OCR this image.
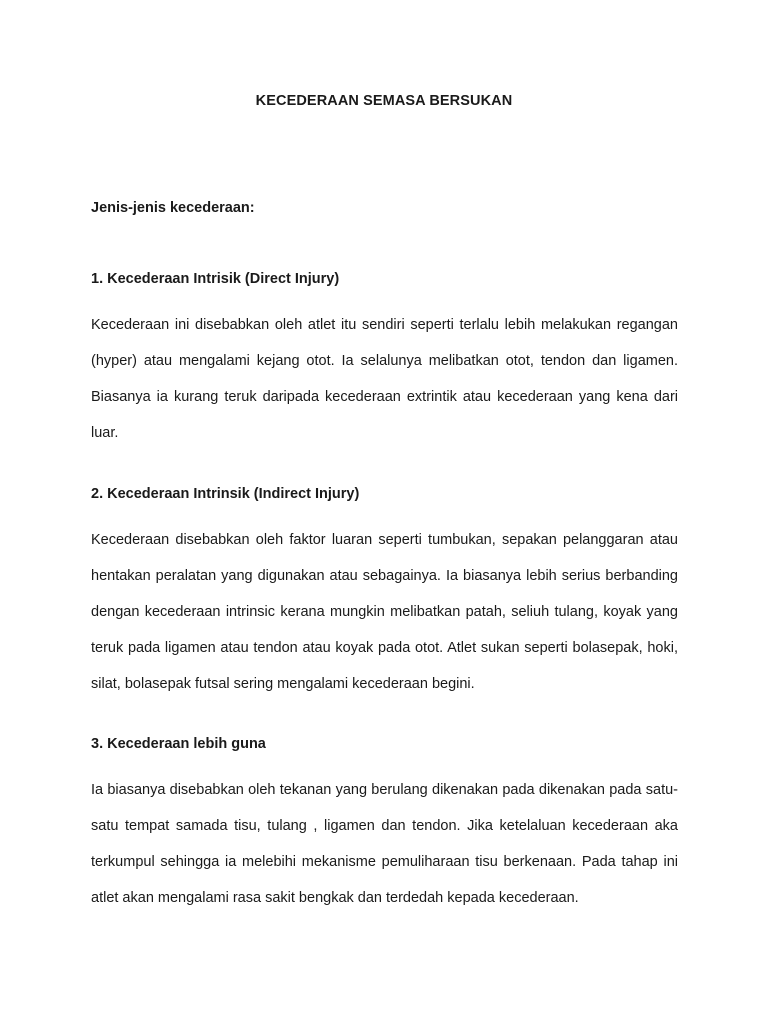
KECEDERAAN SEMASA BERSUKAN
Jenis-jenis kecederaan:
1. Kecederaan Intrisik (Direct Injury)

Kecederaan ini disebabkan oleh atlet itu sendiri seperti terlalu lebih melakukan regangan (hyper) atau mengalami kejang otot. Ia selalunya melibatkan otot, tendon dan ligamen. Biasanya ia kurang teruk daripada kecederaan extrintik atau kecederaan yang kena dari luar.

2. Kecederaan Intrinsik (Indirect Injury)

Kecederaan disebabkan oleh faktor luaran seperti tumbukan, sepakan pelanggaran atau hentakan peralatan yang digunakan atau sebagainya. Ia biasanya lebih serius berbanding dengan kecederaan intrinsic kerana mungkin melibatkan patah, seliuh tulang, koyak yang teruk pada ligamen atau tendon atau koyak pada otot. Atlet sukan seperti bolasepak, hoki, silat, bolasepak futsal sering mengalami kecederaan begini.

3. Kecederaan lebih guna

Ia biasanya disebabkan oleh tekanan yang berulang dikenakan pada dikenakan pada satu-satu tempat samada tisu, tulang , ligamen dan tendon. Jika ketelaluan kecederaan aka terkumpul sehingga ia melebihi mekanisme pemuliharaan tisu berkenaan. Pada tahap ini atlet akan mengalami rasa sakit bengkak dan terdedah kepada kecederaan.
